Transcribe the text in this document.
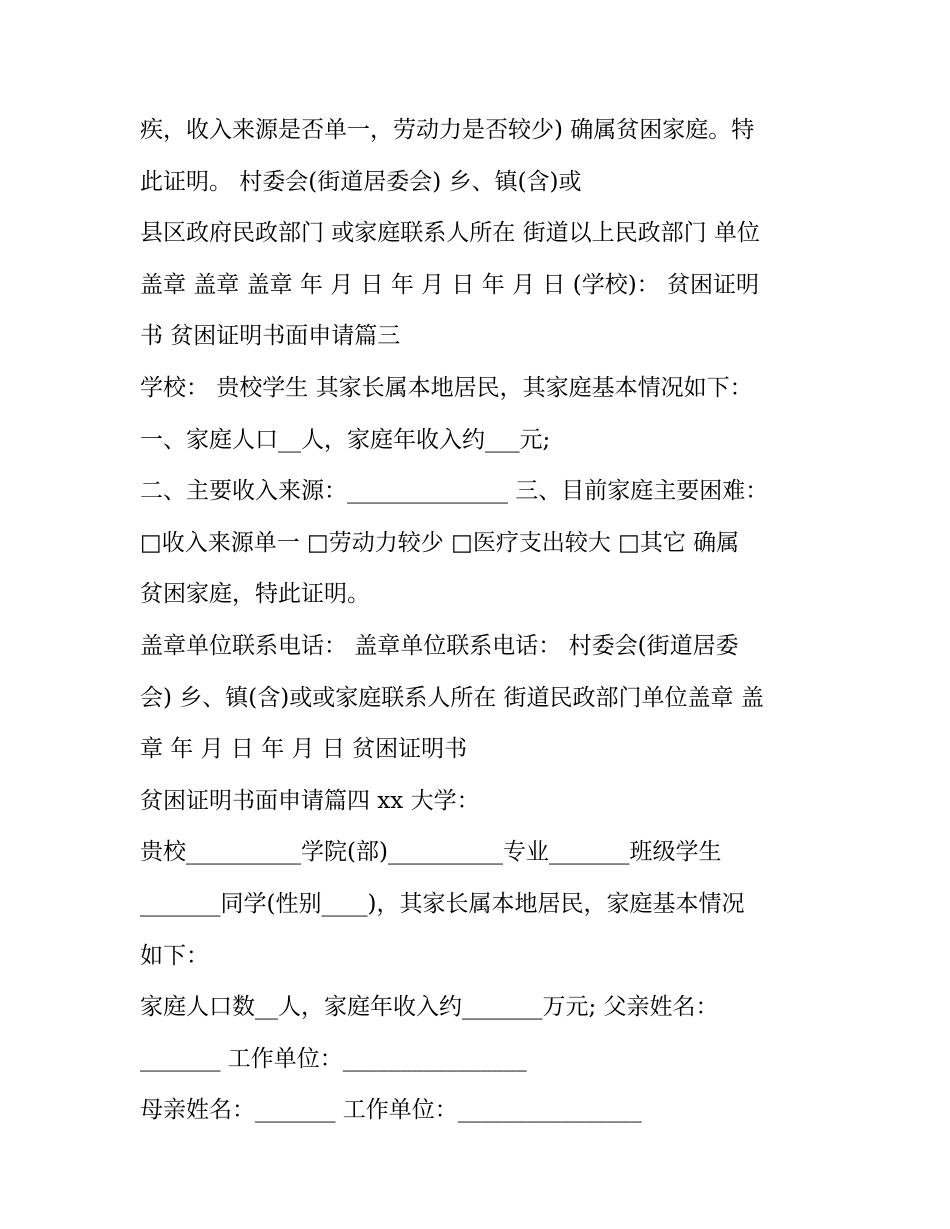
疾，收入来源是否单一，劳动力是否较少) 确属贫困家庭。特
此证明。 村委会(街道居委会) 乡、镇(含)或
县区政府民政部门 或家庭联系人所在 街道以上民政部门 单位
盖章 盖章 盖章 年 月 日 年 月 日 年 月 日 (学校)： 贫困证明
书 贫困证明书面申请篇三
学校： 贵校学生 其家长属本地居民，其家庭基本情况如下：
一、家庭人口__人，家庭年收入约___元;
二、主要收入来源：______________ 三、目前家庭主要困难：
□收入来源单一 □劳动力较少 □医疗支出较大 □其它 确属
贫困家庭，特此证明。
盖章单位联系电话： 盖章单位联系电话： 村委会(街道居委
会) 乡、镇(含)或或家庭联系人所在 街道民政部门单位盖章 盖
章 年 月 日 年 月 日 贫困证明书
贫困证明书面申请篇四 xx 大学：
贵校__________学院(部)__________专业_______班级学生
_______同学(性别____)，其家长属本地居民，家庭基本情况
如下：
家庭人口数__人，家庭年收入约_______万元; 父亲姓名：
_______ 工作单位：________________
母亲姓名：_______ 工作单位：________________
